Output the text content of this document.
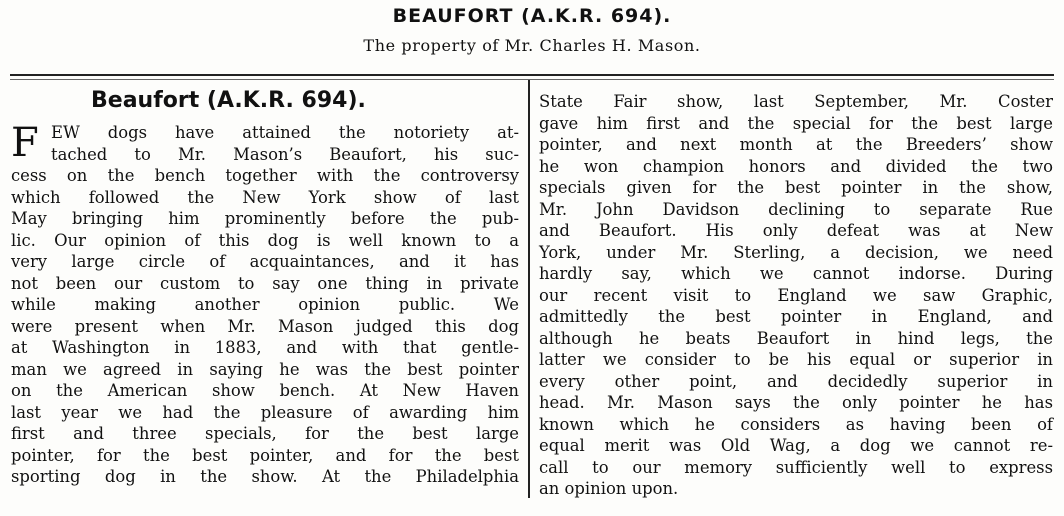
BEAUFORT (A.K.R. 694).
The property of Mr. Charles H. Mason.
Beaufort (A.K.R. 694).
F EW dogs have attained the notoriety at-
tached to Mr. Mason’s Beaufort, his suc-
cess on the bench together with the controversy
which followed the New York show of last
May bringing him prominently before the pub-
lic. Our opinion of this dog is well known to a
very large circle of acquaintances, and it has
not been our custom to say one thing in private
while making another opinion public. We
were present when Mr. Mason judged this dog
at Washington in 1883, and with that gentle-
man we agreed in saying he was the best pointer
on the American show bench. At New Haven
last year we had the pleasure of awarding him
first and three specials, for the best large
pointer, for the best pointer, and for the best
sporting dog in the show. At the Philadelphia
State Fair show, last September, Mr. Coster
gave him first and the special for the best large
pointer, and next month at the Breeders’ show
he won champion honors and divided the two
specials given for the best pointer in the show,
Mr. John Davidson declining to separate Rue
and Beaufort. His only defeat was at New
York, under Mr. Sterling, a decision, we need
hardly say, which we cannot indorse. During
our recent visit to England we saw Graphic,
admittedly the best pointer in England, and
although he beats Beaufort in hind legs, the
latter we consider to be his equal or superior in
every other point, and decidedly superior in
head. Mr. Mason says the only pointer he has
known which he considers as having been of
equal merit was Old Wag, a dog we cannot re-
call to our memory sufficiently well to express
an opinion upon.
